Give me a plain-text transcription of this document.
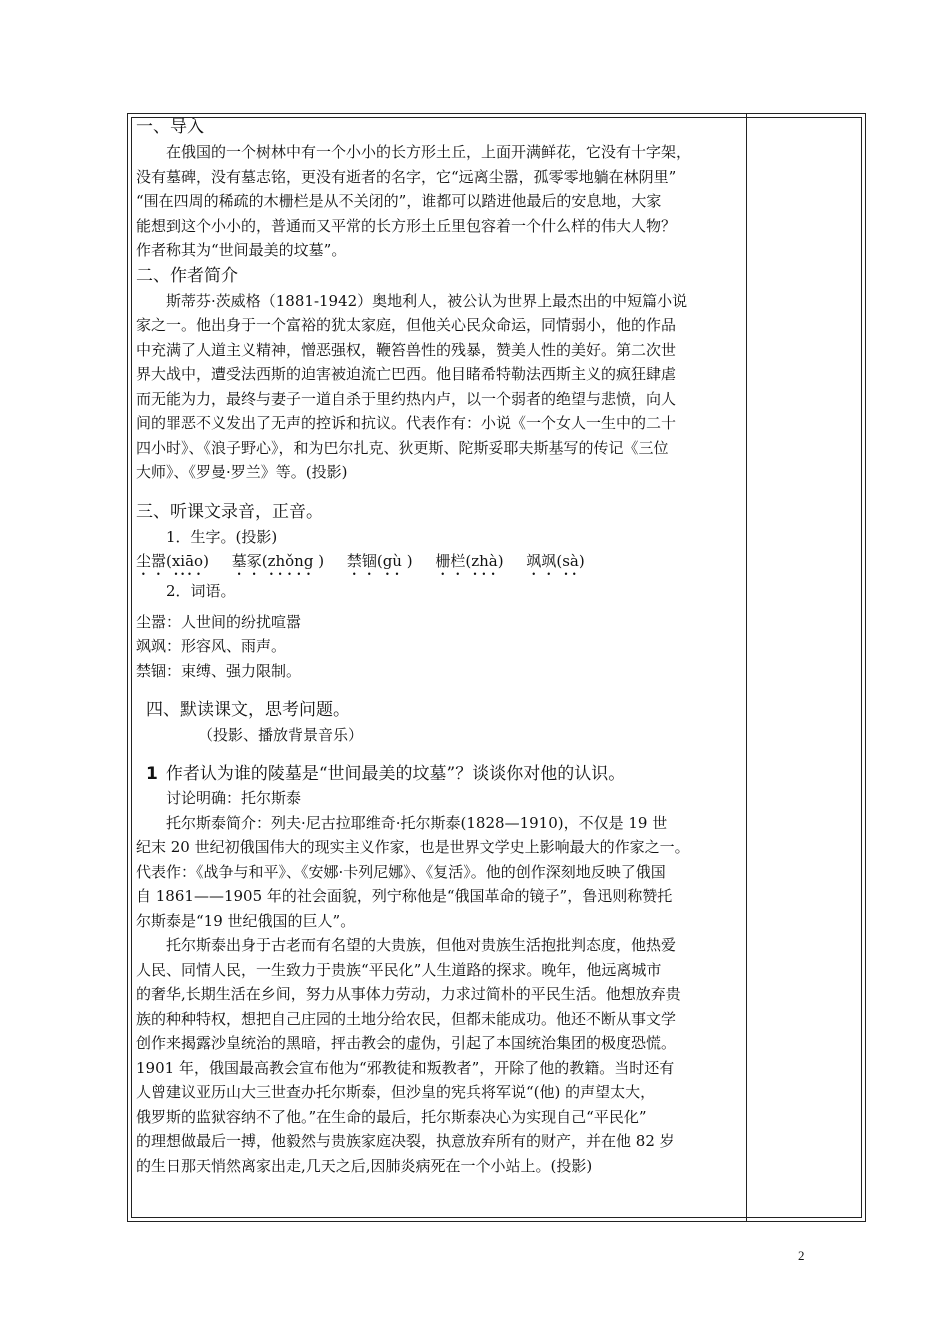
一、导入

在俄国的一个树林中有一个小小的长方形土丘，上面开满鲜花，它没有十字架，

没有墓碑，没有墓志铭，更没有逝者的名字，它“远离尘嚣，孤零零地躺在林阴里”

“围在四周的稀疏的木栅栏是从不关闭的”，谁都可以踏进他最后的安息地，大家

能想到这个小小的，普通而又平常的长方形土丘里包容着一个什么样的伟大人物？

作者称其为“世间最美的坟墓”。

二、作者简介

斯蒂芬·茨威格（1881-1942）奥地利人，被公认为世界上最杰出的中短篇小说

家之一。他出身于一个富裕的犹太家庭，但他关心民众命运，同情弱小，他的作品

中充满了人道主义精神，憎恶强权，鞭笞兽性的残暴，赞美人性的美好。第二次世

界大战中，遭受法西斯的迫害被迫流亡巴西。他目睹希特勒法西斯主义的疯狂肆虐

而无能为力，最终与妻子一道自杀于里约热内卢，以一个弱者的绝望与悲愤，向人

间的罪恶不义发出了无声的控诉和抗议。代表作有：小说《一个女人一生中的二十

四小时》、《浪子野心》，和为巴尔扎克、狄更斯、陀斯妥耶夫斯基写的传记《三位

大师》、《罗曼·罗兰》等。(投影)

三、听课文录音，正音。

1．生字。(投影)

尘嚣(xiāo) 墓冢(zhǒng ) 禁锢(gù ) 栅栏(zhà) 飒飒(sà)

2．词语。

尘嚣：人世间的纷扰喧嚣

飒飒：形容风、雨声。

禁锢：束缚、强力限制。

四、默读课文，思考问题。

（投影、播放背景音乐）

1 作者认为谁的陵墓是“世间最美的坟墓”？谈谈你对他的认识。

讨论明确：托尔斯泰

托尔斯泰简介：列夫·尼古拉耶维奇·托尔斯泰(1828—1910)，不仅是 19 世

纪末 20 世纪初俄国伟大的现实主义作家，也是世界文学史上影响最大的作家之一。

代表作：《战争与和平》、《安娜·卡列尼娜》、《复活》。他的创作深刻地反映了俄国

自 1861——1905 年的社会面貌，列宁称他是“俄国革命的镜子”，鲁迅则称赞托

尔斯泰是“19 世纪俄国的巨人”。

托尔斯泰出身于古老而有名望的大贵族，但他对贵族生活抱批判态度，他热爱

人民、同情人民，一生致力于贵族“平民化”人生道路的探求。晚年，他远离城市

的奢华,长期生活在乡间，努力从事体力劳动，力求过简朴的平民生活。他想放弃贵

族的种种特权，想把自己庄园的土地分给农民，但都未能成功。他还不断从事文学

创作来揭露沙皇统治的黑暗，抨击教会的虚伪，引起了本国统治集团的极度恐慌。

1901 年，俄国最高教会宣布他为“邪教徒和叛教者”，开除了他的教籍。当时还有

人曾建议亚历山大三世查办托尔斯泰，但沙皇的宪兵将军说“(他) 的声望太大，

俄罗斯的监狱容纳不了他。”在生命的最后，托尔斯泰决心为实现自己“平民化”

的理想做最后一搏，他毅然与贵族家庭决裂，执意放弃所有的财产，并在他 82 岁

的生日那天悄然离家出走,几天之后,因肺炎病死在一个小站上。(投影)

2
